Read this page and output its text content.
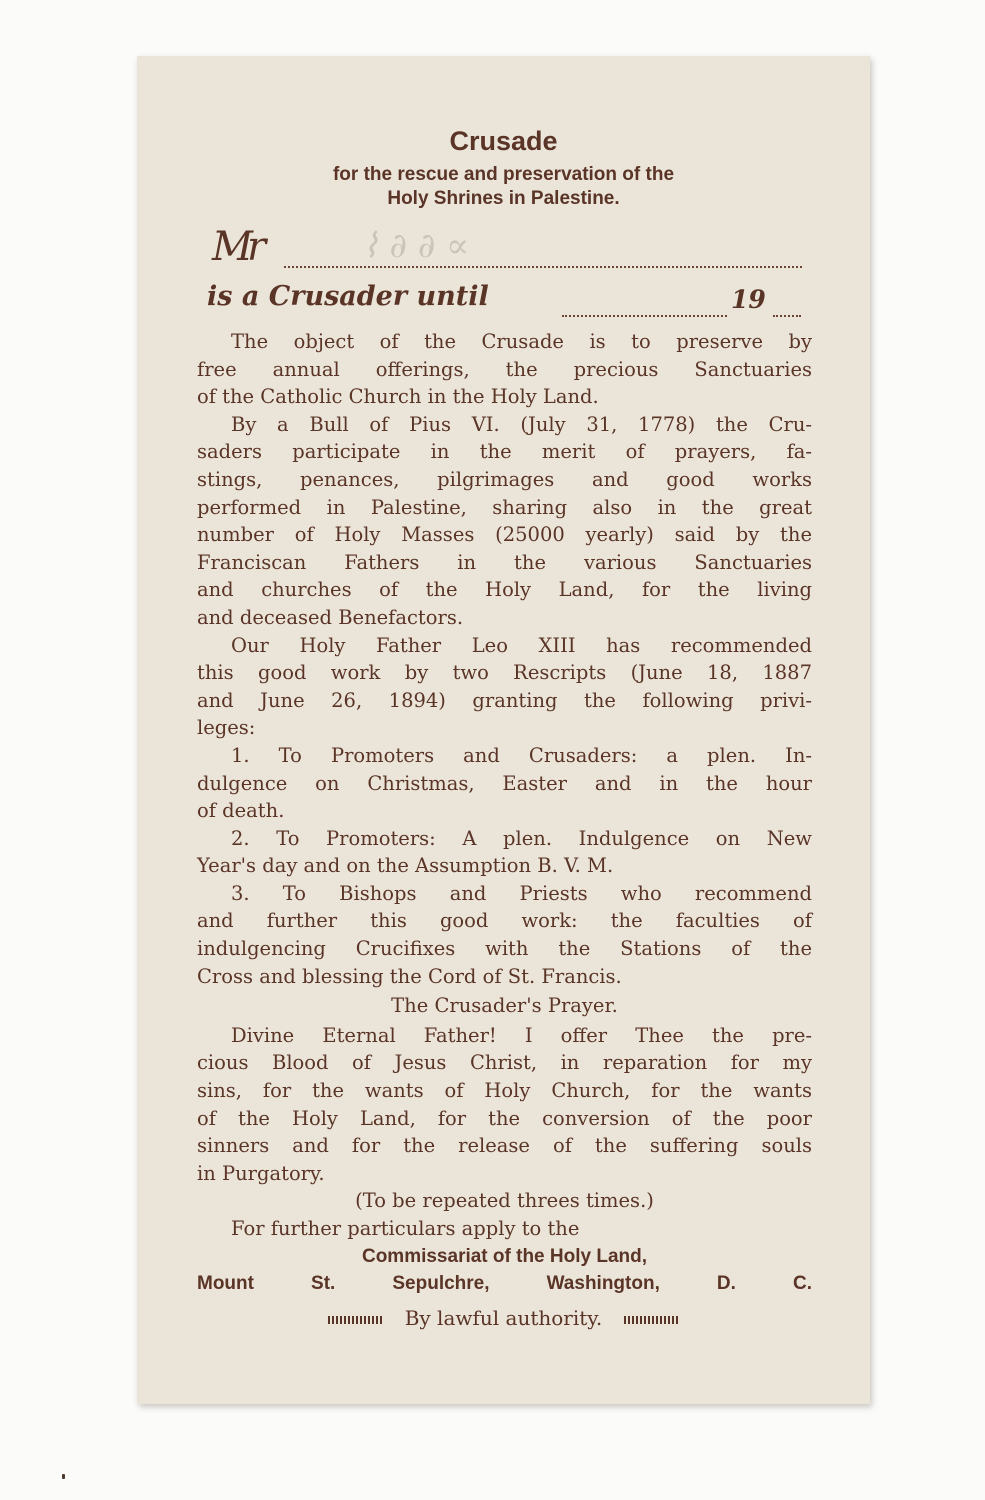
Crusade
for the rescue and preservation of the
Holy Shrines in Palestine.
Mr	⌇ ∂ ∂ ∝
is a Crusader until	19
The object of the Crusade is to preserve by
free annual offerings, the precious Sanctuaries
of the Catholic Church in the Holy Land.
By a Bull of Pius VI. (July 31, 1778) the Cru-
saders participate in the merit of prayers, fa-
stings, penances, pilgrimages and good works
performed in Palestine, sharing also in the great
number of Holy Masses (25000 yearly) said by the
Franciscan Fathers in the various Sanctuaries
and churches of the Holy Land, for the living
and deceased Benefactors.
Our Holy Father Leo XIII has recommended
this good work by two Rescripts (June 18, 1887
and June 26, 1894) granting the following privi-
leges:
1. To Promoters and Crusaders: a plen. In-
dulgence on Christmas, Easter and in the hour
of death.
2. To Promoters: A plen. Indulgence on New
Year's day and on the Assumption B. V. M.
3. To Bishops and Priests who recommend
and further this good work: the faculties of
indulgencing Crucifixes with the Stations of the
Cross and blessing the Cord of St. Francis.
The Crusader's Prayer.
Divine Eternal Father! I offer Thee the pre-
cious Blood of Jesus Christ, in reparation for my
sins, for the wants of Holy Church, for the wants
of the Holy Land, for the conversion of the poor
sinners and for the release of the suffering souls
in Purgatory.
(To be repeated threes times.)
For further particulars apply to the
Commissariat of the Holy Land,
Mount St. Sepulchre, Washington, D. C.
By lawful authority.
